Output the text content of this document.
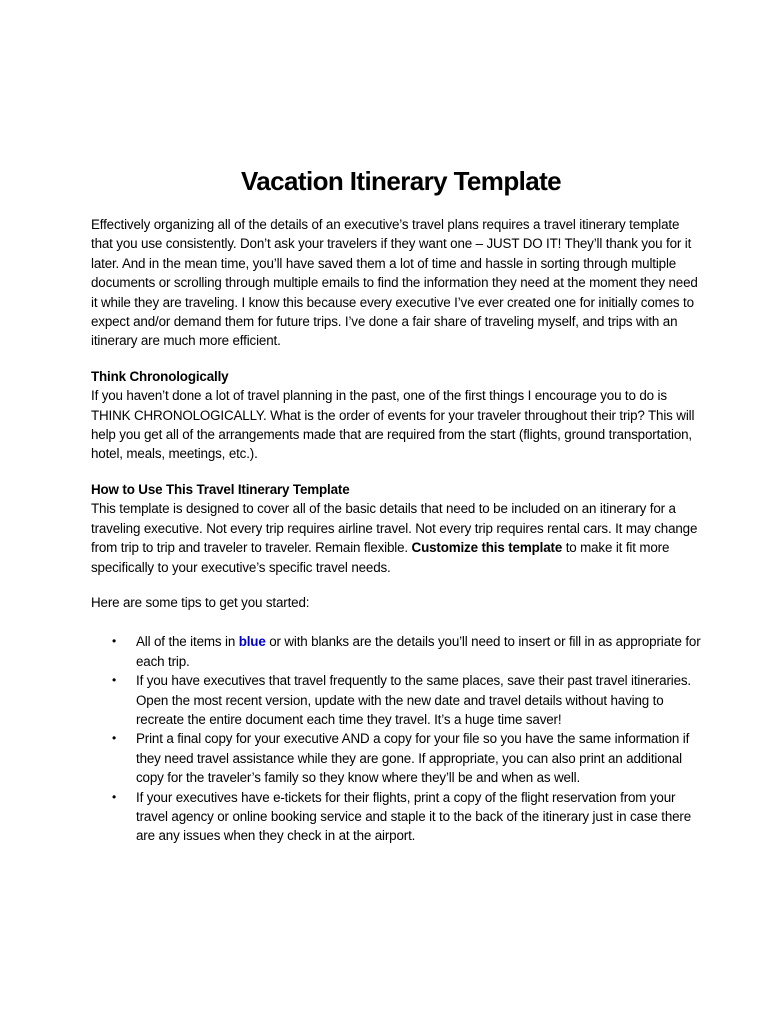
Vacation Itinerary Template

Effectively organizing all of the details of an executive’s travel plans requires a travel itinerary template that you use consistently. Don’t ask your travelers if they want one – JUST DO IT! They’ll thank you for it later. And in the mean time, you’ll have saved them a lot of time and hassle in sorting through multiple documents or scrolling through multiple emails to find the information they need at the moment they need it while they are traveling. I know this because every executive I’ve ever created one for initially comes to expect and/or demand them for future trips. I’ve done a fair share of traveling myself, and trips with an itinerary are much more efficient.

Think Chronologically

If you haven’t done a lot of travel planning in the past, one of the first things I encourage you to do is THINK CHRONOLOGICALLY. What is the order of events for your traveler throughout their trip? This will help you get all of the arrangements made that are required from the start (flights, ground transportation, hotel, meals, meetings, etc.).

How to Use This Travel Itinerary Template

This template is designed to cover all of the basic details that need to be included on an itinerary for a traveling executive. Not every trip requires airline travel. Not every trip requires rental cars. It may change from trip to trip and traveler to traveler. Remain flexible. Customize this template to make it fit more specifically to your executive’s specific travel needs.

Here are some tips to get you started:

• All of the items in blue or with blanks are the details you’ll need to insert or fill in as appropriate for each trip.
• If you have executives that travel frequently to the same places, save their past travel itineraries. Open the most recent version, update with the new date and travel details without having to recreate the entire document each time they travel. It’s a huge time saver!
• Print a final copy for your executive AND a copy for your file so you have the same information if they need travel assistance while they are gone. If appropriate, you can also print an additional copy for the traveler’s family so they know where they’ll be and when as well.
• If your executives have e-tickets for their flights, print a copy of the flight reservation from your travel agency or online booking service and staple it to the back of the itinerary just in case there are any issues when they check in at the airport.
